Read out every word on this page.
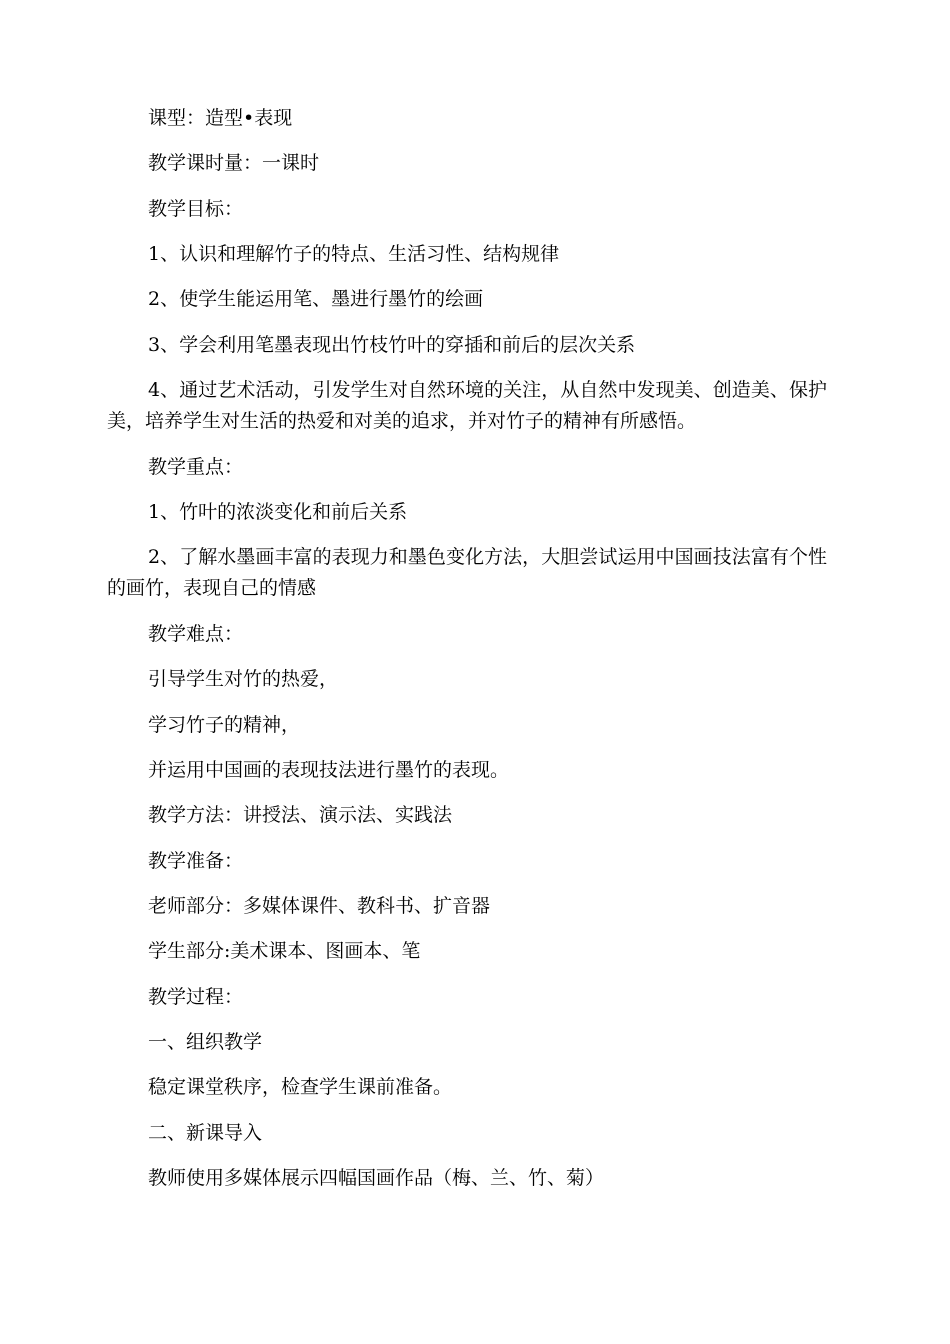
课型：造型•表现

教学课时量：一课时

教学目标：

1、认识和理解竹子的特点、生活习性、结构规律

2、使学生能运用笔、墨进行墨竹的绘画

3、学会利用笔墨表现出竹枝竹叶的穿插和前后的层次关系

4、通过艺术活动，引发学生对自然环境的关注，从自然中发现美、创造美、保护美，培养学生对生活的热爱和对美的追求，并对竹子的精神有所感悟。

教学重点：

1、竹叶的浓淡变化和前后关系

2、了解水墨画丰富的表现力和墨色变化方法，大胆尝试运用中国画技法富有个性的画竹，表现自己的情感

教学难点：

引导学生对竹的热爱，

学习竹子的精神，

并运用中国画的表现技法进行墨竹的表现。

教学方法：讲授法、演示法、实践法

教学准备：

老师部分：多媒体课件、教科书、扩音器

学生部分:美术课本、图画本、笔

教学过程：

一、组织教学

稳定课堂秩序，检查学生课前准备。

二、新课导入

教师使用多媒体展示四幅国画作品（梅、兰、竹、菊）
